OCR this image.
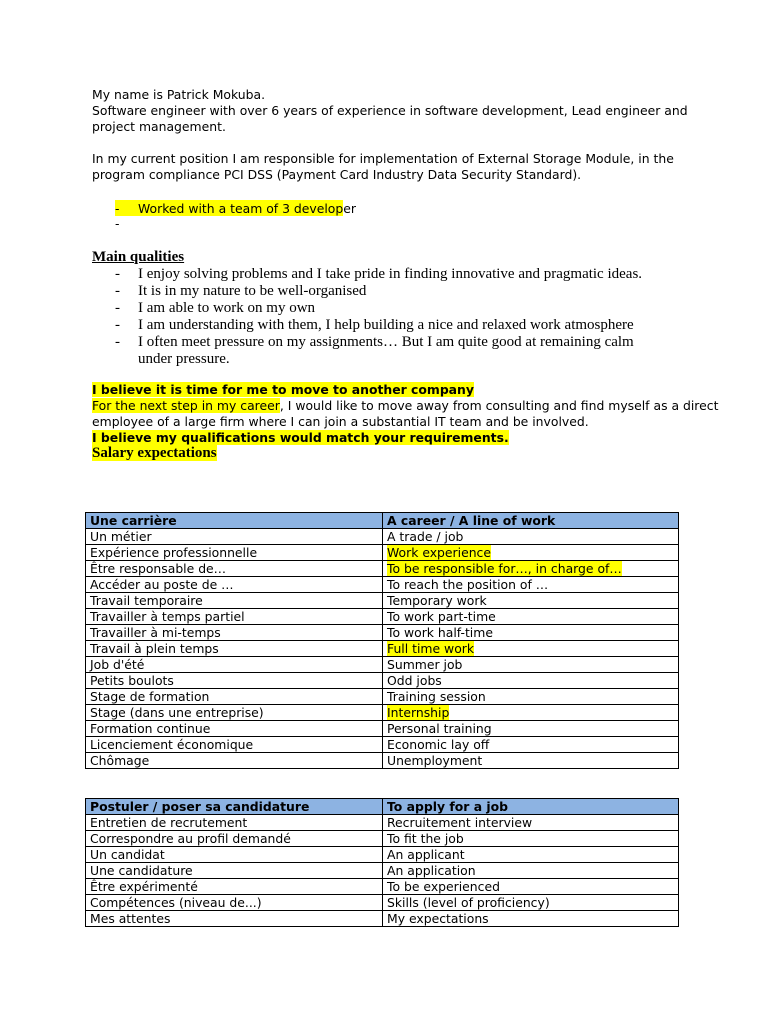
My name is Patrick Mokuba.
Software engineer with over 6 years of experience in software development, Lead engineer and
project management.
In my current position I am responsible for implementation of External Storage Module, in the
program compliance PCI DSS (Payment Card Industry Data Security Standard).
- Worked with a team of 3 developer
-
Main qualities
- I enjoy solving problems and I take pride in finding innovative and pragmatic ideas.
- It is in my nature to be well-organised
- I am able to work on my own
- I am understanding with them, I help building a nice and relaxed work atmosphere
- I often meet pressure on my assignments… But I am quite good at remaining calm
under pressure.
I believe it is time for me to move to another company
For the next step in my career, I would like to move away from consulting and find myself as a direct
employee of a large firm where I can join a substantial IT team and be involved.
I believe my qualifications would match your requirements.
Salary expectations
Une carrière	A career / A line of work
Un métier	A trade / job
Expérience professionnelle	Work experience
Être responsable de…	To be responsible for…, in charge of…
Accéder au poste de …	To reach the position of …
Travail temporaire	Temporary work
Travailler à temps partiel	To work part-time
Travailler à mi-temps	To work half-time
Travail à plein temps	Full time work
Job d'été	Summer job
Petits boulots	Odd jobs
Stage de formation	Training session
Stage (dans une entreprise)	Internship
Formation continue	Personal training
Licenciement économique	Economic lay off
Chômage	Unemployment
Postuler / poser sa candidature	To apply for a job
Entretien de recrutement	Recruitement interview
Correspondre au profil demandé	To fit the job
Un candidat	An applicant
Une candidature	An application
Être expérimenté	To be experienced
Compétences (niveau de...)	Skills (level of proficiency)
Mes attentes	My expectations
